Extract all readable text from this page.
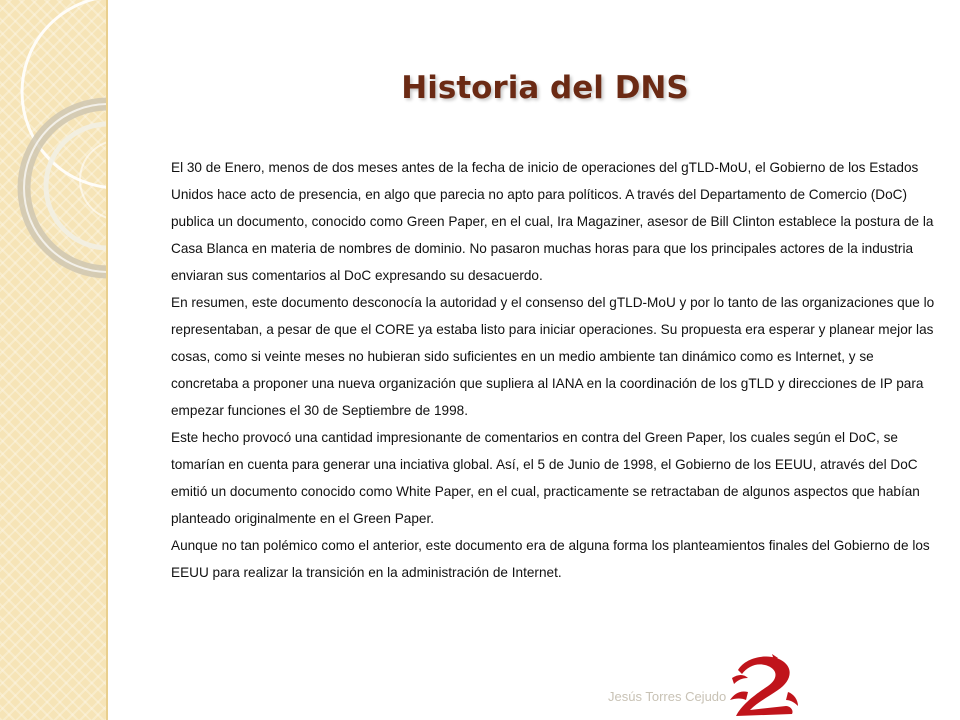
Historia del DNS

El 30 de Enero, menos de dos meses antes de la fecha de inicio de operaciones del gTLD-MoU, el Gobierno de los Estados Unidos hace acto de presencia, en algo que parecia no apto para políticos. A través del Departamento de Comercio (DoC) publica un documento, conocido como Green Paper, en el cual, Ira Magaziner, asesor de Bill Clinton establece la postura de la Casa Blanca en materia de nombres de dominio. No pasaron muchas horas para que los principales actores de la industria enviaran sus comentarios al DoC expresando su desacuerdo.

En resumen, este documento desconocía la autoridad y el consenso del gTLD-MoU y por lo tanto de las organizaciones que lo representaban, a pesar de que el CORE ya estaba listo para iniciar operaciones. Su propuesta era esperar y planear mejor las cosas, como si veinte meses no hubieran sido suficientes en un medio ambiente tan dinámico como es Internet, y se concretaba a proponer una nueva organización que supliera al IANA en la coordinación de los gTLD y direcciones de IP para empezar funciones el 30 de Septiembre de 1998.

Este hecho provocó una cantidad impresionante de comentarios en contra del Green Paper, los cuales según el DoC, se tomarían en cuenta para generar una inciativa global. Así, el 5 de Junio de 1998, el Gobierno de los EEUU, através del DoC emitió un documento conocido como White Paper, en el cual, practicamente se retractaban de algunos aspectos que habían planteado originalmente en el Green Paper.

Aunque no tan polémico como el anterior, este documento era de alguna forma los planteamientos finales del Gobierno de los EEUU para realizar la transición en la administración de Internet.

Jesús Torres Cejudo
